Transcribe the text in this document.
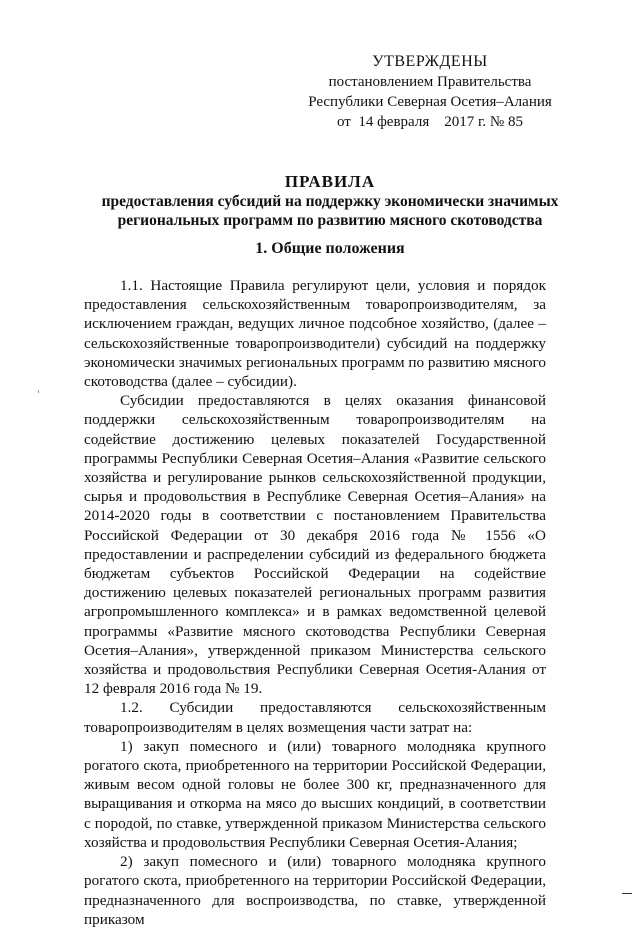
УТВЕРЖДЕНЫ
постановлением Правительства
Республики Северная Осетия–Алания
от  14 февраля    2017 г. № 85
ПРАВИЛА
предоставления субсидий на поддержку экономически значимых региональных программ по развитию мясного скотоводства
1. Общие положения

1.1. Настоящие Правила регулируют цели, условия и порядок предоставления сельскохозяйственным товаропроизводителям, за исключением граждан, ведущих личное подсобное хозяйство, (далее – сельскохозяйственные товаропроизводители) субсидий на поддержку экономически значимых региональных программ по развитию мясного скотоводства (далее – субсидии).

Субсидии предоставляются в целях оказания финансовой поддержки сельскохозяйственным товаропроизводителям на содействие достижению целевых показателей Государственной программы Республики Северная Осетия–Алания «Развитие сельского хозяйства и регулирование рынков сельскохозяйственной продукции, сырья и продовольствия в Республике Северная Осетия–Алания» на 2014-2020 годы в соответствии с постановлением Правительства Российской Федерации от 30 декабря 2016 года № 1556 «О предоставлении и распределении субсидий из федерального бюджета бюджетам субъектов Российской Федерации на содействие достижению целевых показателей региональных программ развития агропромышленного комплекса» и в рамках ведомственной целевой программы «Развитие мясного скотоводства Республики Северная Осетия–Алания», утвержденной приказом Министерства сельского хозяйства и продовольствия Республики Северная Осетия-Алания от 12 февраля 2016 года № 19.

1.2. Субсидии предоставляются сельскохозяйственным товаропроизводителям в целях возмещения части затрат на:

1) закуп помесного и (или) товарного молодняка крупного рогатого скота, приобретенного на территории Российской Федерации, живым весом одной головы не более 300 кг, предназначенного для выращивания и откорма на мясо до высших кондиций, в соответствии с породой, по ставке, утвержденной приказом Министерства сельского хозяйства и продовольствия Республики Северная Осетия-Алания;

2) закуп помесного и (или) товарного молодняка крупного рогатого скота, приобретенного на территории Российской Федерации, предназначенного для воспроизводства, по ставке, утвержденной приказом
